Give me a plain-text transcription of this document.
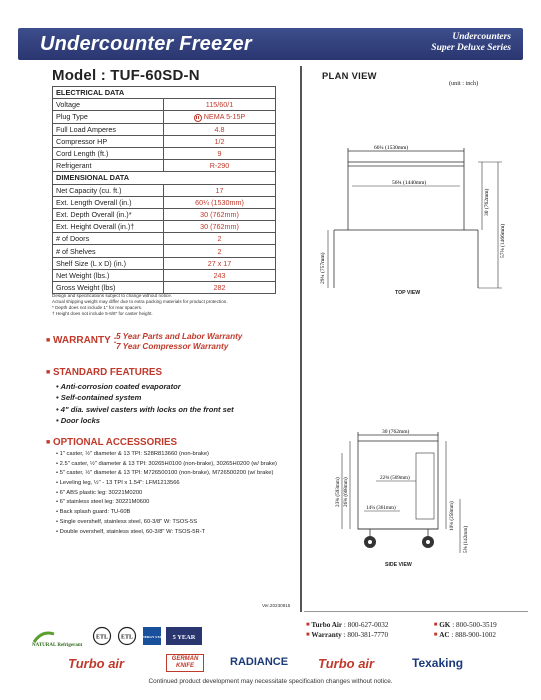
Undercounter Freezer	Undercounters
Super Deluxe Series
Model : TUF-60SD-N
ELECTRICAL DATA	
Voltage	115/60/1
Plug Type	NEMA 5-15P
Full Load Amperes	4.8
Compressor HP	1/2
Cord Length (ft.)	9
Refrigerant	R-290
DIMENSIONAL DATA	
Net Capacity (cu. ft.)	17
Ext. Length Overall (in.)	60¼ (1530mm)
Ext. Depth Overall (in.)*	30 (762mm)
Ext. Height Overall (in.)†	30 (762mm)
# of Doors	2
# of Shelves	2
Shelf Size (L x D) (in.)	27 x 17
Net Weight (lbs.)	243
Gross Weight (lbs)	282
Design and specifications subject to change without notice.
Actual shipping weight may differ due to extra packing materials for product protection.
* Depth does not include 1" for rear spacers.
† Height does not include 5-6/8" for caster height.
■ WARRANTY : 5 Year Parts and Labor Warranty
7 Year Compressor Warranty
■ STANDARD FEATURES
• Anti-corrosion coated evaporator
• Self-contained system
• 4" dia. swivel casters with locks on the front set
• Door locks
■ OPTIONAL ACCESSORIES
• 1" caster, ½" diameter & 13 TPI: S28R813660 (non-brake)
• 2.5" caster, ½" diameter & 13 TPI: 30265H0100 (non-brake), 30265H0200 (w/ brake)
• 5" caster, ½" diameter & 13 TPI: M726500100 (non-brake), M726500200 (w/ brake)
• Leveling leg, ½" - 13 TPI x 1.54": LFM1213566
• 6" ABS plastic leg: 30221M0200
• 6" stainless steel leg: 30221M0600
• Back splash guard: TU-60B
• Single overshelf, stainless steel, 60-3/8" W: TSOS-5S
• Double overshelf, stainless steel, 60-3/8" W: TSOS-5R-T
Ver.20230815
PLAN VIEW
(unit : inch)
60¼ (1530mm)
56¾ (1440mm)
30 (762mm)
57⅝ (1466mm)
29¾ (757mm)
TOP VIEW
30 (762mm)
22⅜ (569mm)
14¼ (361mm)
26⅜ (668mm)
23⅜ (593mm)
10⅛ (258mm)
5⅝ (142mm)
SIDE VIEW
■ Turbo Air : 800-627-0032	■ GK : 800-500-3519
■ Warranty : 800-381-7770	■ AC : 888-900-1002
NATURAL Refrigerant
ETL ETL ENERGY STAR 5 YEAR
Turbo air	GERMAN KNIFE	RADIANCE Turbo air	Texaking
Continued product development may necessitate specification changes without notice.
